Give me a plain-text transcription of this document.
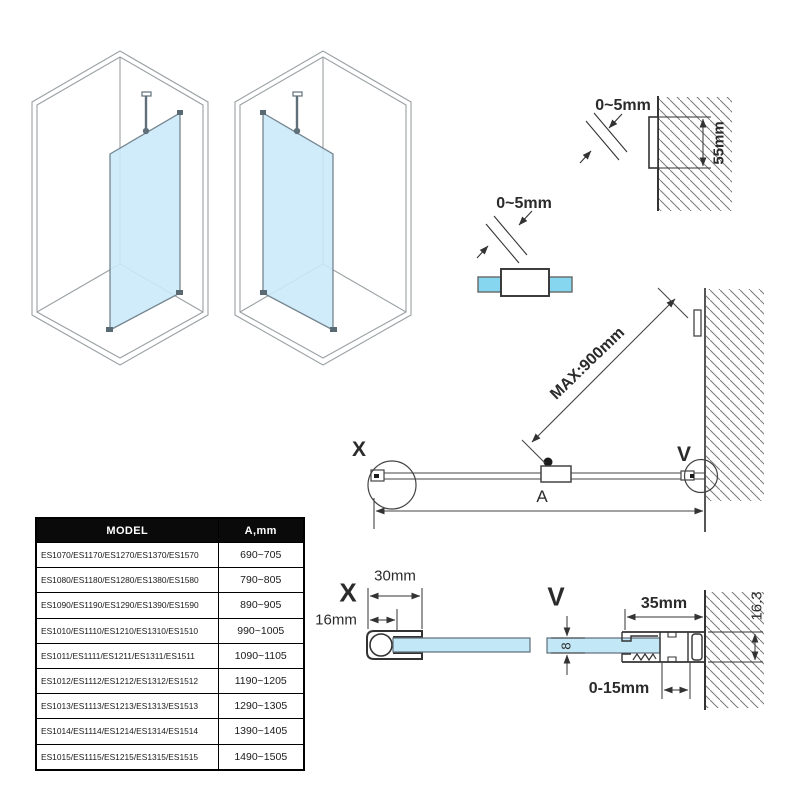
0~5mm
0~5mm
55mm
X	V
MAX:900mm
A
X
30mm
16mm
V
8
35mm
0-15mm
16.3
MODEL	A,mm
ES1070/ES1170/ES1270/ES1370/ES1570	690~705
ES1080/ES1180/ES1280/ES1380/ES1580	790~805
ES1090/ES1190/ES1290/ES1390/ES1590	890~905
ES1010/ES1110/ES1210/ES1310/ES1510	990~1005
ES1011/ES1111/ES1211/ES1311/ES1511	1090~1105
ES1012/ES1112/ES1212/ES1312/ES1512	1190~1205
ES1013/ES1113/ES1213/ES1313/ES1513	1290~1305
ES1014/ES1114/ES1214/ES1314/ES1514	1390~1405
ES1015/ES1115/ES1215/ES1315/ES1515	1490~1505
